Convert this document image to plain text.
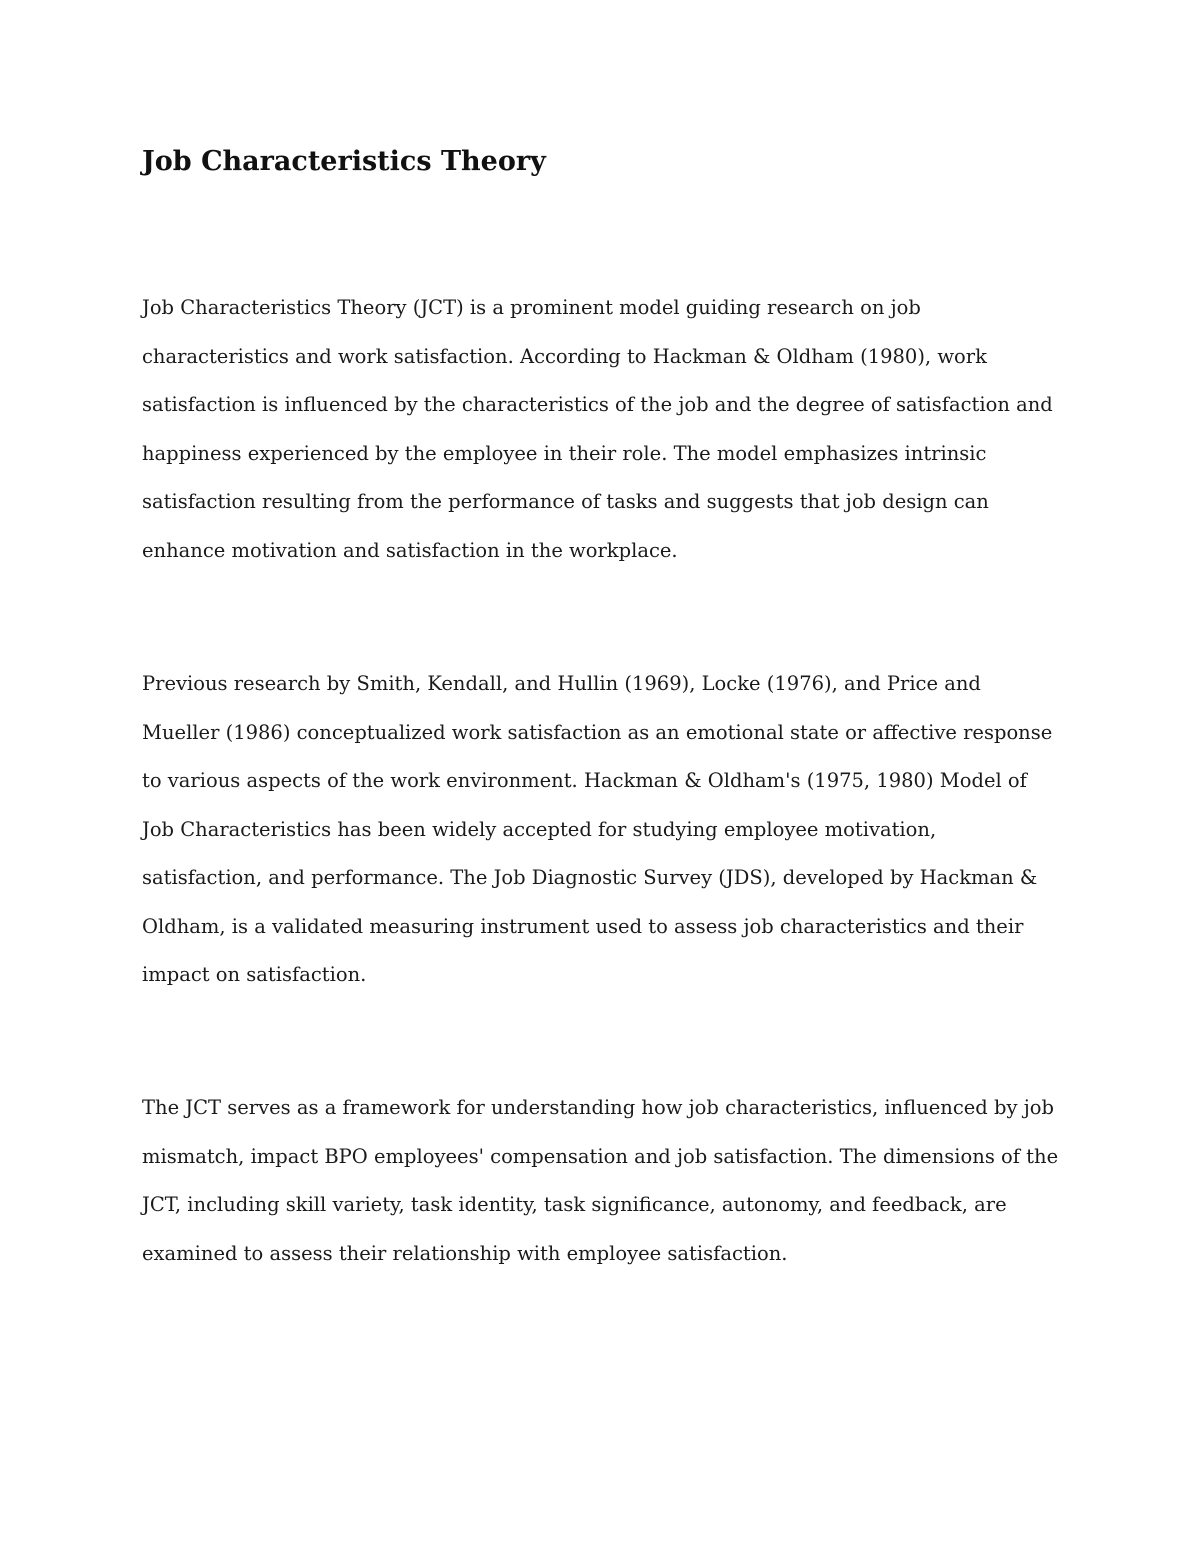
Job Characteristics Theory

Job Characteristics Theory (JCT) is a prominent model guiding research on job characteristics and work satisfaction. According to Hackman & Oldham (1980), work satisfaction is influenced by the characteristics of the job and the degree of satisfaction and happiness experienced by the employee in their role. The model emphasizes intrinsic satisfaction resulting from the performance of tasks and suggests that job design can enhance motivation and satisfaction in the workplace.

Previous research by Smith, Kendall, and Hullin (1969), Locke (1976), and Price and Mueller (1986) conceptualized work satisfaction as an emotional state or affective response to various aspects of the work environment. Hackman & Oldham's (1975, 1980) Model of Job Characteristics has been widely accepted for studying employee motivation, satisfaction, and performance. The Job Diagnostic Survey (JDS), developed by Hackman & Oldham, is a validated measuring instrument used to assess job characteristics and their impact on satisfaction.

The JCT serves as a framework for understanding how job characteristics, influenced by job mismatch, impact BPO employees' compensation and job satisfaction. The dimensions of the JCT, including skill variety, task identity, task significance, autonomy, and feedback, are examined to assess their relationship with employee satisfaction.
